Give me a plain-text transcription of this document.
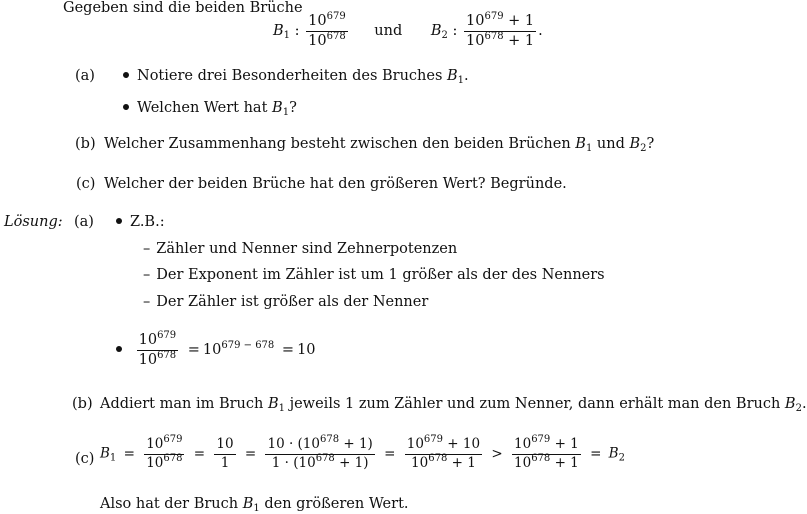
Gegeben sind die beiden Brüche
$B_1$ : $\frac{10^{679}}{10^{678}}$ und $B_2$ : $\frac{10^{679} + 1}{10^{678} + 1}$ .
(a)	Notiere drei Besonderheiten des Bruches $B_1$.
Welchen Wert hat $B_1$?
(b) Welcher Zusammenhang besteht zwischen den beiden Brüchen $B_1$ und $B_2$?
(c) Welcher der beiden Brüche hat den größeren Wert? Begründe.
Lösung: (a)	Z.B.:
– Zähler und Nenner sind Zehnerpotenzen
– Der Exponent im Zähler ist um 1 größer als der des Nenners
– Der Zähler ist größer als der Nenner

$\frac{10^{679}}{10^{678}} = 10^{679 - 678} = 10$
(b) Addiert man im Bruch $B_1$ jeweils 1 zum Zähler und zum Nenner, dann erhält man den Bruch $B_2$.
(c) $B_1 = \frac{10^{679}}{10^{678}} = \frac{10}{1} = \frac{10 \cdot (10^{678} + 1)}{1 \cdot (10^{678} + 1)} = \frac{10^{679} + 10}{10^{678} + 1} > \frac{10^{679} + 1}{10^{678} + 1} = B_2$
Also hat der Bruch $B_1$ den größeren Wert.
